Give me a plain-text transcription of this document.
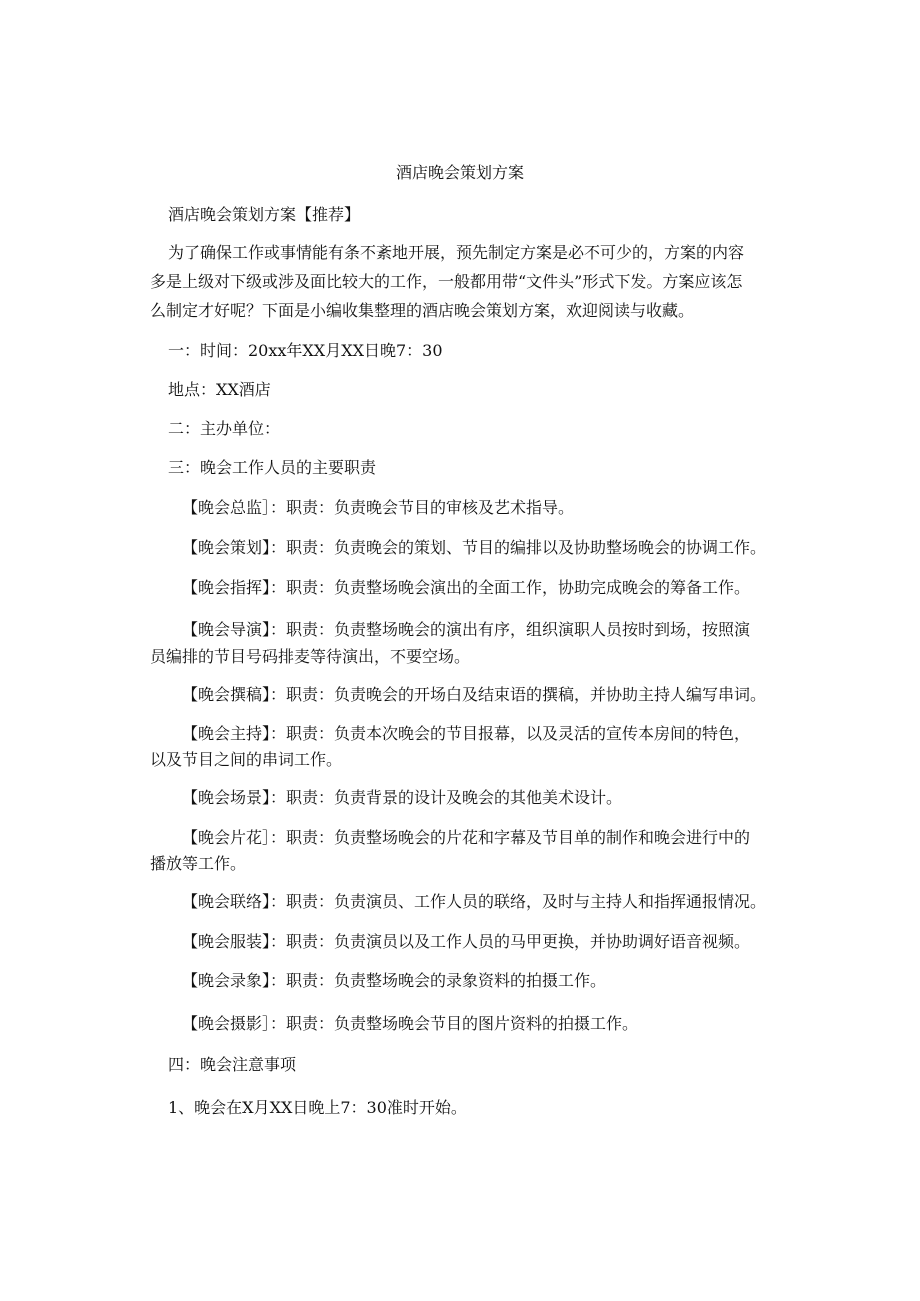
酒店晚会策划方案
酒店晚会策划方案【推荐】
为了确保工作或事情能有条不紊地开展，预先制定方案是必不可少的，方案的内容
多是上级对下级或涉及面比较大的工作，一般都用带“文件头”形式下发。方案应该怎
么制定才好呢？下面是小编收集整理的酒店晚会策划方案，欢迎阅读与收藏。
一：时间：20xx年XX月XX日晚7：30
地点：XX酒店
二：主办单位：
三：晚会工作人员的主要职责
【晚会总监］：职责：负责晚会节目的审核及艺术指导。
【晚会策划】：职责：负责晚会的策划、节目的编排以及协助整场晚会的协调工作。
【晚会指挥】：职责：负责整场晚会演出的全面工作，协助完成晚会的筹备工作。
【晚会导演】：职责：负责整场晚会的演出有序，组织演职人员按时到场，按照演
员编排的节目号码排麦等待演出，不要空场。
【晚会撰稿】：职责：负责晚会的开场白及结束语的撰稿，并协助主持人编写串词。
【晚会主持】：职责：负责本次晚会的节目报幕，以及灵活的宣传本房间的特色，
以及节目之间的串词工作。
【晚会场景】：职责：负责背景的设计及晚会的其他美术设计。
【晚会片花］：职责：负责整场晚会的片花和字幕及节目单的制作和晚会进行中的
播放等工作。
【晚会联络】：职责：负责演员、工作人员的联络，及时与主持人和指挥通报情况。
【晚会服装】：职责：负责演员以及工作人员的马甲更换，并协助调好语音视频。
【晚会录象】：职责：负责整场晚会的录象资料的拍摄工作。
【晚会摄影］：职责：负责整场晚会节目的图片资料的拍摄工作。
四：晚会注意事项
1、晚会在X月XX日晚上7：30准时开始。
